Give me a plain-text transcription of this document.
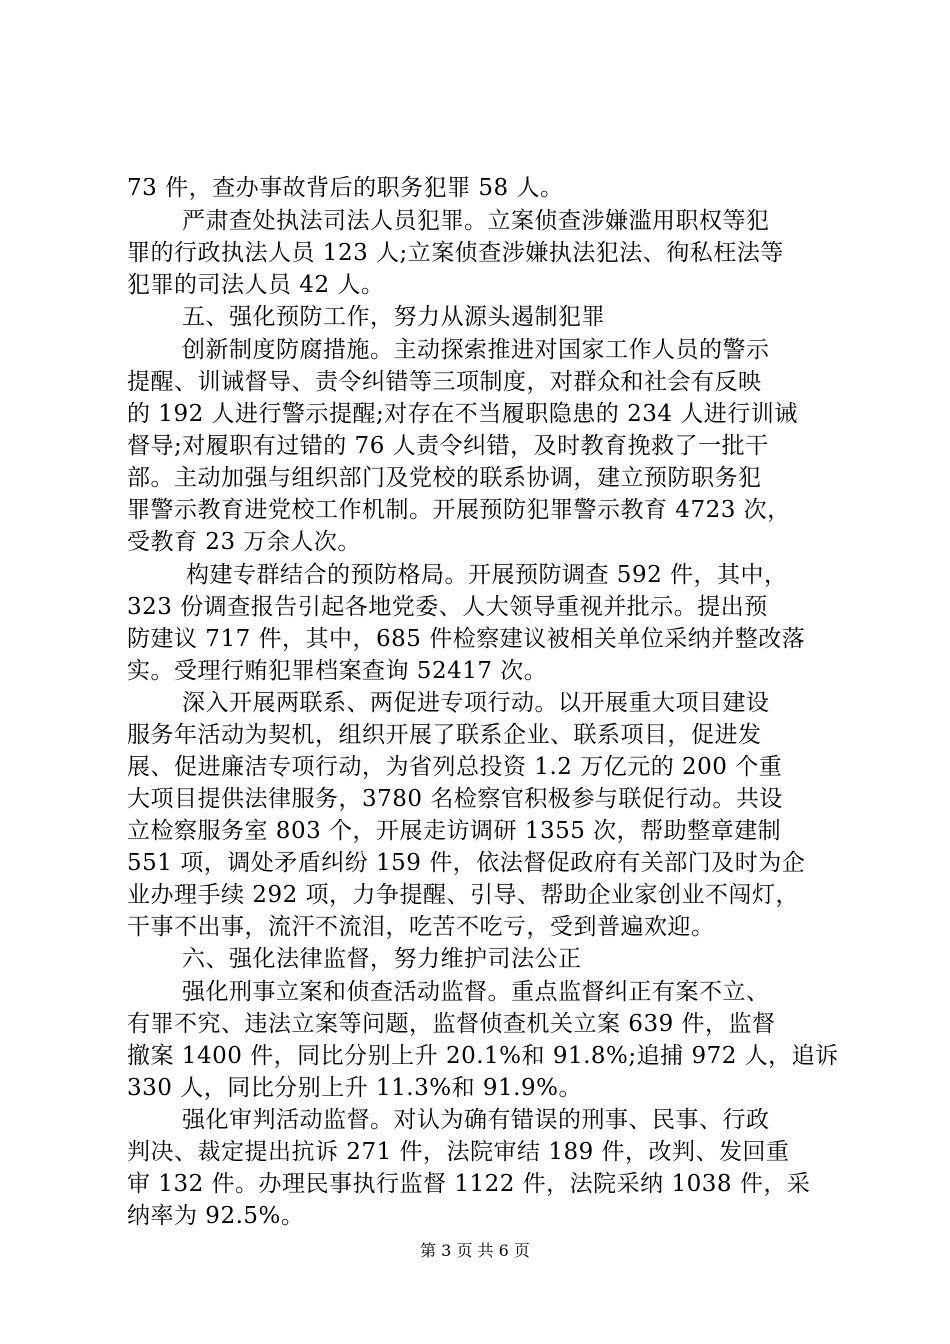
73 件，查办事故背后的职务犯罪 58 人。
严肃查处执法司法人员犯罪。立案侦查涉嫌滥用职权等犯
罪的行政执法人员 123 人;立案侦查涉嫌执法犯法、徇私枉法等
犯罪的司法人员 42 人。
五、强化预防工作，努力从源头遏制犯罪
创新制度防腐措施。主动探索推进对国家工作人员的警示
提醒、训诫督导、责令纠错等三项制度，对群众和社会有反映
的 192 人进行警示提醒;对存在不当履职隐患的 234 人进行训诫
督导;对履职有过错的 76 人责令纠错，及时教育挽救了一批干
部。主动加强与组织部门及党校的联系协调，建立预防职务犯
罪警示教育进党校工作机制。开展预防犯罪警示教育 4723 次，
受教育 23 万余人次。
构建专群结合的预防格局。开展预防调查 592 件，其中，
323 份调查报告引起各地党委、人大领导重视并批示。提出预
防建议 717 件，其中，685 件检察建议被相关单位采纳并整改落
实。受理行贿犯罪档案查询 52417 次。
深入开展两联系、两促进专项行动。以开展重大项目建设
服务年活动为契机，组织开展了联系企业、联系项目，促进发
展、促进廉洁专项行动，为省列总投资 1.2 万亿元的 200 个重
大项目提供法律服务，3780 名检察官积极参与联促行动。共设
立检察服务室 803 个，开展走访调研 1355 次，帮助整章建制
551 项，调处矛盾纠纷 159 件，依法督促政府有关部门及时为企
业办理手续 292 项，力争提醒、引导、帮助企业家创业不闯灯，
干事不出事，流汗不流泪，吃苦不吃亏，受到普遍欢迎。
六、强化法律监督，努力维护司法公正
强化刑事立案和侦查活动监督。重点监督纠正有案不立、
有罪不究、违法立案等问题，监督侦查机关立案 639 件，监督
撤案 1400 件，同比分别上升 20.1%和 91.8%;追捕 972 人，追诉
330 人，同比分别上升 11.3%和 91.9%。
强化审判活动监督。对认为确有错误的刑事、民事、行政
判决、裁定提出抗诉 271 件，法院审结 189 件，改判、发回重
审 132 件。办理民事执行监督 1122 件，法院采纳 1038 件，采
纳率为 92.5%。
第 3 页 共 6 页
